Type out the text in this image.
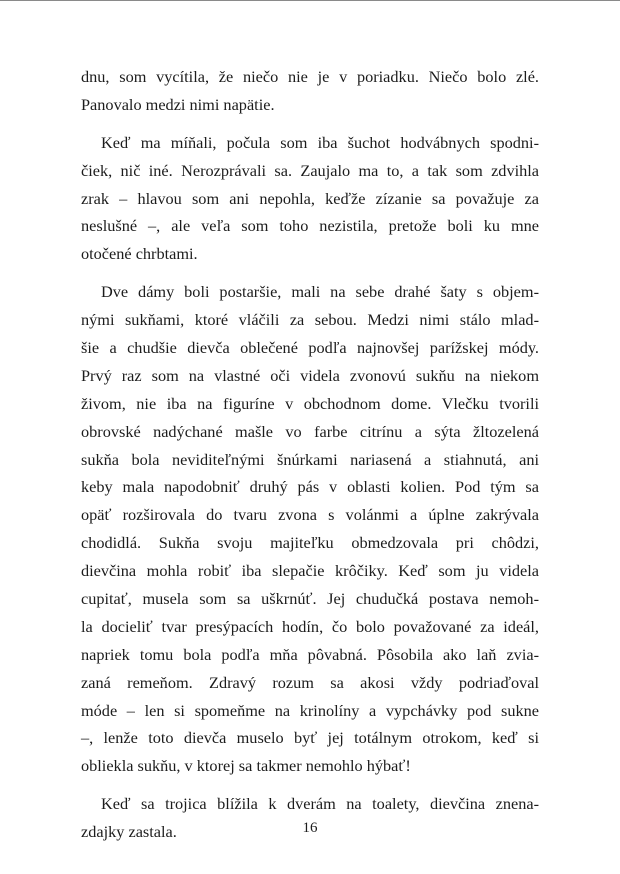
dnu, som vycítila, že niečo nie je v poriadku. Niečo bolo zlé.
Panovalo medzi nimi napätie.
Keď ma míňali, počula som iba šuchot hodvábnych spodni-
čiek, nič iné. Nerozprávali sa. Zaujalo ma to, a tak som zdvihla
zrak – hlavou som ani nepohla, keďže zízanie sa považuje za
neslušné –, ale veľa som toho nezistila, pretože boli ku mne
otočené chrbtami.
Dve dámy boli postaršie, mali na sebe drahé šaty s objem-
nými sukňami, ktoré vláčili za sebou. Medzi nimi stálo mlad-
šie a chudšie dievča oblečené podľa najnovšej parížskej módy.
Prvý raz som na vlastné oči videla zvonovú sukňu na niekom
živom, nie iba na figuríne v obchodnom dome. Vlečku tvorili
obrovské nadýchané mašle vo farbe citrínu a sýta žltozelená
sukňa bola neviditeľnými šnúrkami nariasená a stiahnutá, ani
keby mala napodobniť druhý pás v oblasti kolien. Pod tým sa
opäť rozširovala do tvaru zvona s volánmi a úplne zakrývala
chodidlá. Sukňa svoju majiteľku obmedzovala pri chôdzi,
dievčina mohla robiť iba slepačie krôčiky. Keď som ju videla
cupitať, musela som sa uškrnúť. Jej chudučká postava nemoh-
la docieliť tvar presýpacích hodín, čo bolo považované za ideál,
napriek tomu bola podľa mňa pôvabná. Pôsobila ako laň zvia-
zaná remeňom. Zdravý rozum sa akosi vždy podriaďoval
móde – len si spomeňme na krinolíny a vypchávky pod sukne
–, lenže toto dievča muselo byť jej totálnym otrokom, keď si
obliekla sukňu, v ktorej sa takmer nemohlo hýbať!
Keď sa trojica blížila k dverám na toalety, dievčina znena-
zdajky zastala.	16
